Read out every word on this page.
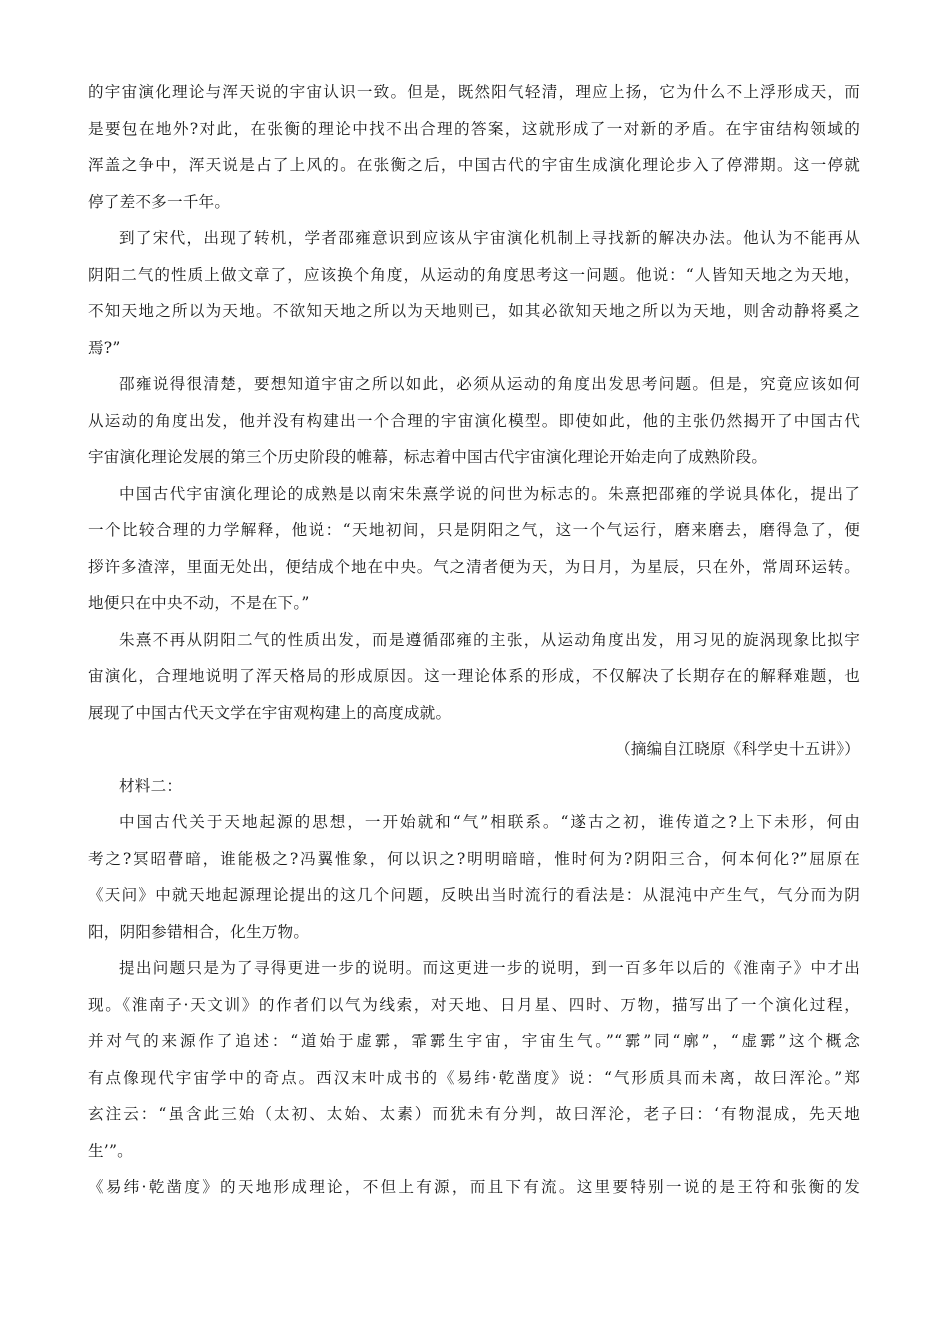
的宇宙演化理论与浑天说的宇宙认识一致。但是，既然阳气轻清，理应上扬，它为什么不上浮形成天，而
是要包在地外?对此，在张衡的理论中找不出合理的答案，这就形成了一对新的矛盾。在宇宙结构领域的
浑盖之争中，浑天说是占了上风的。在张衡之后，中国古代的宇宙生成演化理论步入了停滞期。这一停就
停了差不多一千年。
到了宋代，出现了转机，学者邵雍意识到应该从宇宙演化机制上寻找新的解决办法。他认为不能再从
阴阳二气的性质上做文章了，应该换个角度，从运动的角度思考这一问题。他说：“人皆知天地之为天地，
不知天地之所以为天地。不欲知天地之所以为天地则已，如其必欲知天地之所以为天地，则舍动静将奚之
焉?”
邵雍说得很清楚，要想知道宇宙之所以如此，必须从运动的角度出发思考问题。但是，究竟应该如何
从运动的角度出发，他并没有构建出一个合理的宇宙演化模型。即使如此，他的主张仍然揭开了中国古代
宇宙演化理论发展的第三个历史阶段的帷幕，标志着中国古代宇宙演化理论开始走向了成熟阶段。
中国古代宇宙演化理论的成熟是以南宋朱熹学说的问世为标志的。朱熹把邵雍的学说具体化，提出了
一个比较合理的力学解释，他说：“天地初间，只是阴阳之气，这一个气运行，磨来磨去，磨得急了，便
拶许多渣滓，里面无处出，便结成个地在中央。气之清者便为天，为日月，为星辰，只在外，常周环运转。
地便只在中央不动，不是在下。”
朱熹不再从阴阳二气的性质出发，而是遵循邵雍的主张，从运动角度出发，用习见的旋涡现象比拟宇
宙演化，合理地说明了浑天格局的形成原因。这一理论体系的形成，不仅解决了长期存在的解释难题，也
展现了中国古代天文学在宇宙观构建上的高度成就。
（摘编自江晓原《科学史十五讲》）
材料二：
中国古代关于天地起源的思想，一开始就和“气”相联系。“遂古之初，谁传道之?上下未形，何由
考之?冥昭瞢暗，谁能极之?冯翼惟象，何以识之?明明暗暗，惟时何为?阴阳三合，何本何化?”屈原在
《天问》中就天地起源理论提出的这几个问题，反映出当时流行的看法是：从混沌中产生气，气分而为阴
阳，阴阳参错相合，化生万物。
提出问题只是为了寻得更进一步的说明。而这更进一步的说明，到一百多年以后的《淮南子》中才出
现。《淮南子·天文训》的作者们以气为线索，对天地、日月星、四时、万物，描写出了一个演化过程，
并对气的来源作了追述：“道始于虚霩，霏霩生宇宙，宇宙生气。”“霩”同“廓”，“虚霩”这个概念
有点像现代宇宙学中的奇点。西汉末叶成书的《易纬·乾凿度》说：“气形质具而未离，故曰浑沦。”郑
玄注云：“虽含此三始（太初、太始、太素）而犹未有分判，故曰浑沦，老子曰：‘有物混成，先天地
生’”。
《易纬·乾凿度》的天地形成理论，不但上有源，而且下有流。这里要特别一说的是王符和张衡的发
